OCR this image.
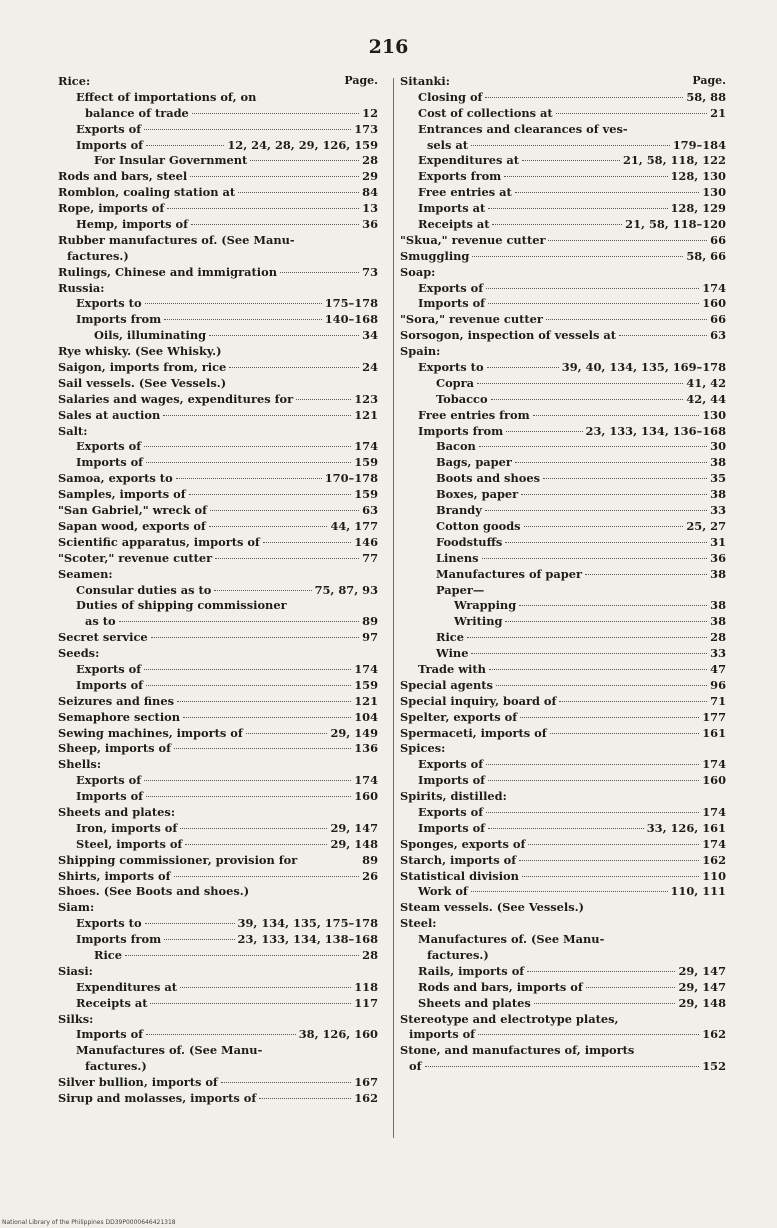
216
Page.
Rice:
Effect of importations of, on
balance of trade	12
Exports of	173
Imports of	12, 24, 28, 29, 126, 159
For Insular Government	28
Rods and bars, steel	29
Romblon, coaling station at	84
Rope, imports of	13
Hemp, imports of	36
Rubber manufactures of. (See Manu-
factures.)
Rulings, Chinese and immigration	73
Russia:
Exports to	175–178
Imports from	140–168
Oils, illuminating	34
Rye whisky. (See Whisky.)
Saigon, imports from, rice	24
Sail vessels. (See Vessels.)
Salaries and wages, expenditures for	123
Sales at auction	121
Salt:
Exports of	174
Imports of	159
Samoa, exports to	170–178
Samples, imports of	159
"San Gabriel," wreck of	63
Sapan wood, exports of	44, 177
Scientific apparatus, imports of	146
"Scoter," revenue cutter	77
Seamen:
Consular duties as to	75, 87, 93
Duties of shipping commissioner
as to	89
Secret service	97
Seeds:
Exports of	174
Imports of	159
Seizures and fines	121
Semaphore section	104
Sewing machines, imports of	29, 149
Sheep, imports of	136
Shells:
Exports of	174
Imports of	160
Sheets and plates:
Iron, imports of	29, 147
Steel, imports of	29, 148
Shipping commissioner, provision for	89
Shirts, imports of	26
Shoes. (See Boots and shoes.)
Siam:
Exports to	39, 134, 135, 175–178
Imports from	23, 133, 134, 138–168
Rice	28
Siasi:
Expenditures at	118
Receipts at	117
Silks:
Imports of	38, 126, 160
Manufactures of. (See Manu-
factures.)
Silver bullion, imports of	167
Sirup and molasses, imports of	162
Page.
Sitanki:
Closing of	58, 88
Cost of collections at	21
Entrances and clearances of ves-
sels at	179–184
Expenditures at	21, 58, 118, 122
Exports from	128, 130
Free entries at	130
Imports at	128, 129
Receipts at	21, 58, 118–120
"Skua," revenue cutter	66
Smuggling	58, 66
Soap:
Exports of	174
Imports of	160
"Sora," revenue cutter	66
Sorsogon, inspection of vessels at	63
Spain:
Exports to	39, 40, 134, 135, 169–178
Copra	41, 42
Tobacco	42, 44
Free entries from	130
Imports from	23, 133, 134, 136–168
Bacon	30
Bags, paper	38
Boots and shoes	35
Boxes, paper	38
Brandy	33
Cotton goods	25, 27
Foodstuffs	31
Linens	36
Manufactures of paper	38
Paper—
Wrapping	38
Writing	38
Rice	28
Wine	33
Trade with	47
Special agents	96
Special inquiry, board of	71
Spelter, exports of	177
Spermaceti, imports of	161
Spices:
Exports of	174
Imports of	160
Spirits, distilled:
Exports of	174
Imports of	33, 126, 161
Sponges, exports of	174
Starch, imports of	162
Statistical division	110
Work of	110, 111
Steam vessels. (See Vessels.)
Steel:
Manufactures of. (See Manu-
factures.)
Rails, imports of	29, 147
Rods and bars, imports of	29, 147
Sheets and plates	29, 148
Stereotype and electrotype plates,
imports of	162
Stone, and manufactures of, imports
of	152
National Library of the Philippines DD39P0000646421318
